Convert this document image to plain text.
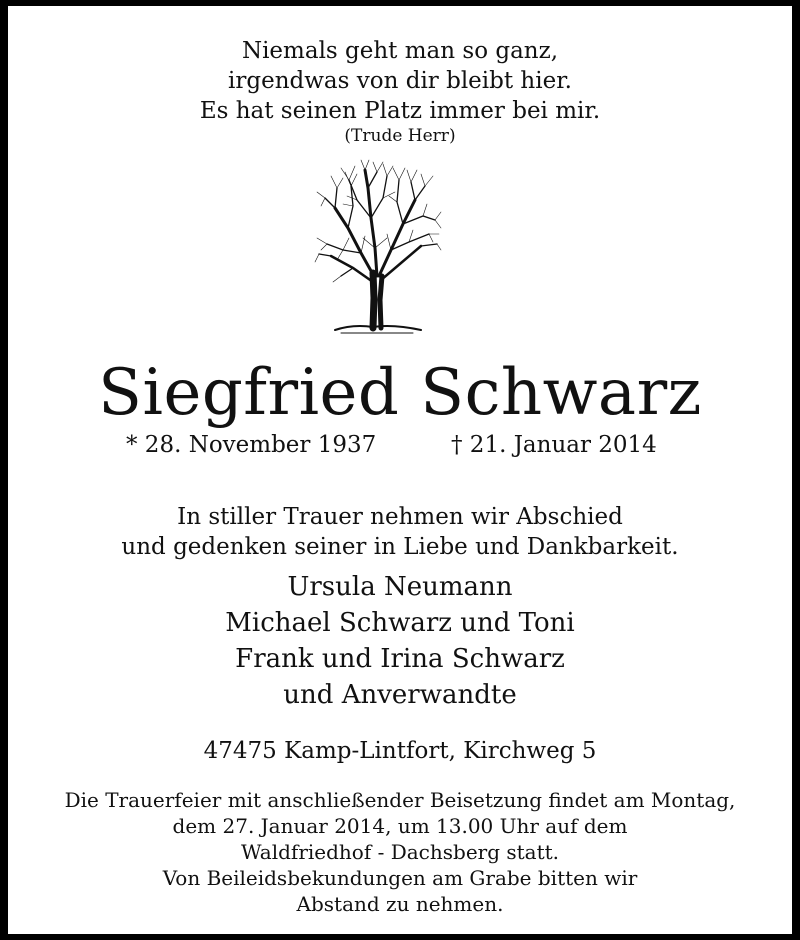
Niemals geht man so ganz,
irgendwas von dir bleibt hier.
Es hat seinen Platz immer bei mir.
(Trude Herr)
Siegfried Schwarz
* 28. November 1937	† 21. Januar 2014
In stiller Trauer nehmen wir Abschied
und gedenken seiner in Liebe und Dankbarkeit.
Ursula Neumann
Michael Schwarz und Toni
Frank und Irina Schwarz
und Anverwandte
47475 Kamp-Lintfort, Kirchweg 5
Die Trauerfeier mit anschließender Beisetzung findet am Montag,
dem 27. Januar 2014, um 13.00 Uhr auf dem
Waldfriedhof - Dachsberg statt.
Von Beileidsbekundungen am Grabe bitten wir
Abstand zu nehmen.
